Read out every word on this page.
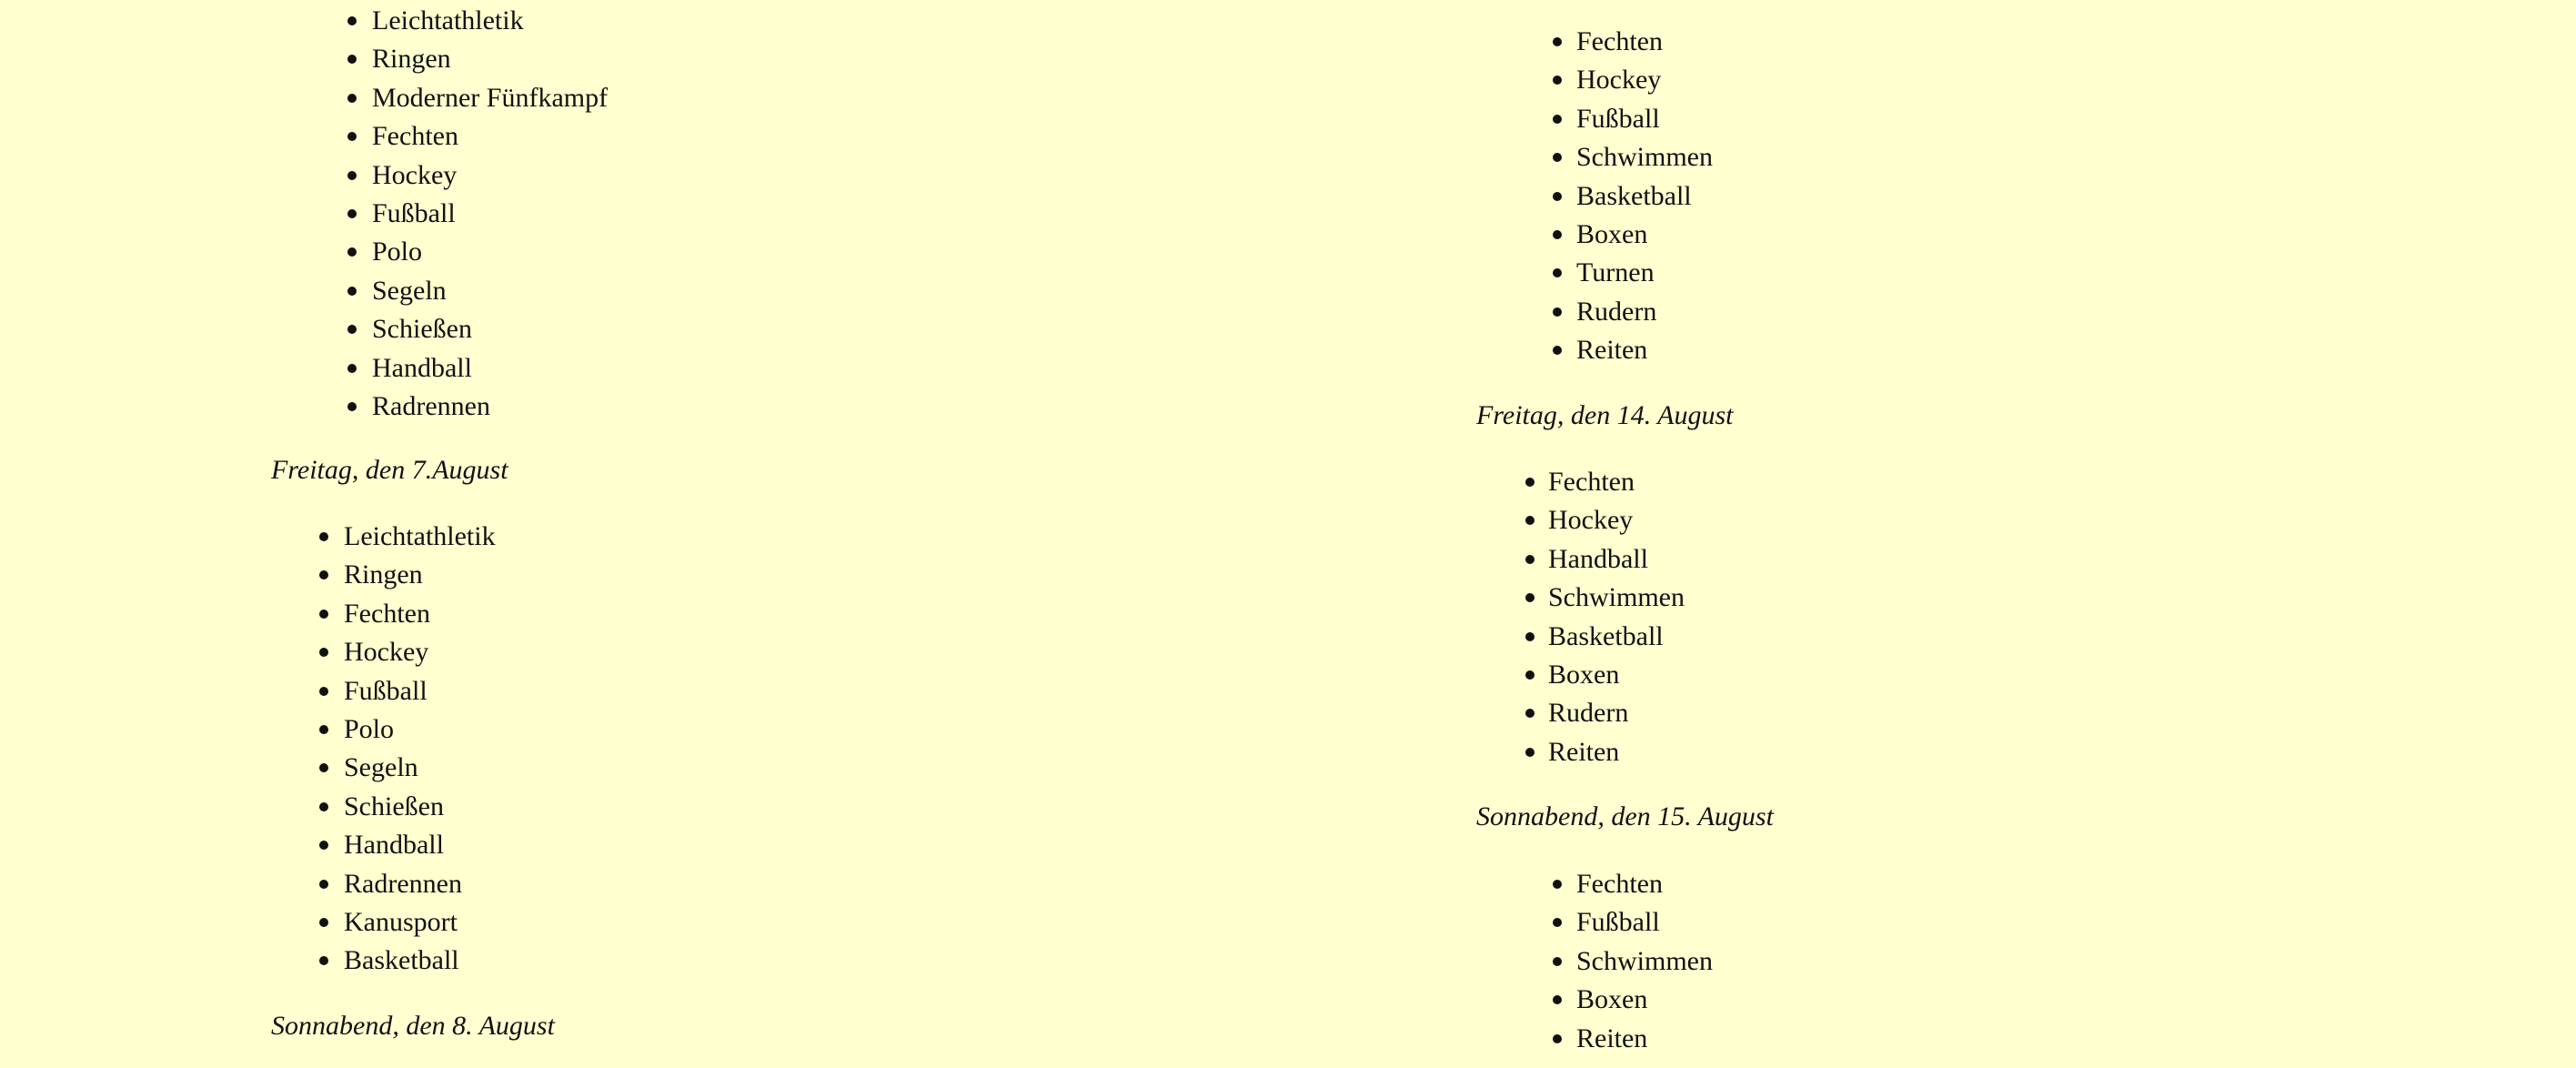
Leichtathletik
Ringen
Moderner Fünfkampf
Fechten
Hockey
Fußball
Polo
Segeln
Schießen
Handball
Radrennen
Freitag, den 7.August
Leichtathletik
Ringen
Fechten
Hockey
Fußball
Polo
Segeln
Schießen
Handball
Radrennen
Kanusport
Basketball
Sonnabend, den 8. August
Fechten
Hockey
Fußball
Schwimmen
Basketball
Boxen
Turnen
Rudern
Reiten
Freitag, den 14. August
Fechten
Hockey
Handball
Schwimmen
Basketball
Boxen
Rudern
Reiten
Sonnabend, den 15. August
Fechten
Fußball
Schwimmen
Boxen
Reiten
